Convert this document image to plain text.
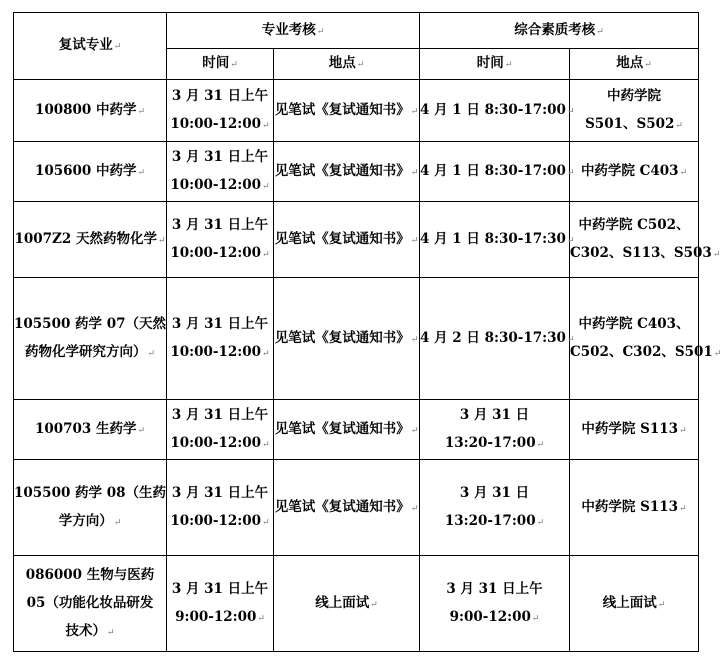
复试专业↵	专业考核↵		综合素质考核↵	
	时间↵	地点↵	时间↵	地点↵

100800 中药学↵	3 月 31 日上午
10:00-12:00↵	见笔试《复试通知书》↵	4 月 1 日 8:30-17:00↵	中药学院
S501、S502↵

105600 中药学↵	3 月 31 日上午
10:00-12:00↵	见笔试《复试通知书》↵	4 月 1 日 8:30-17:00↵	中药学院 C403↵

1007Z2 天然药物化学↵	3 月 31 日上午
10:00-12:00↵	见笔试《复试通知书》↵	4 月 1 日 8:30-17:30↵	中药学院 C502、
C302、S113、S503↵

105500 药学 07（天然
药物化学研究方向）↵	3 月 31 日上午
10:00-12:00↵	见笔试《复试通知书》↵	4 月 2 日 8:30-17:30↵	中药学院 C403、
C502、C302、S501↵

100703 生药学↵	3 月 31 日上午
10:00-12:00↵	见笔试《复试通知书》↵	3 月 31 日
13:20-17:00↵	中药学院 S113↵

105500 药学 08（生药
学方向）↵	3 月 31 日上午
10:00-12:00↵	见笔试《复试通知书》↵	3 月 31 日
13:20-17:00↵	中药学院 S113↵

086000 生物与医药
05（功能化妆品研发
技术）↵	3 月 31 日上午
9:00-12:00↵	线上面试↵	3 月 31 日上午
9:00-12:00↵	线上面试↵
